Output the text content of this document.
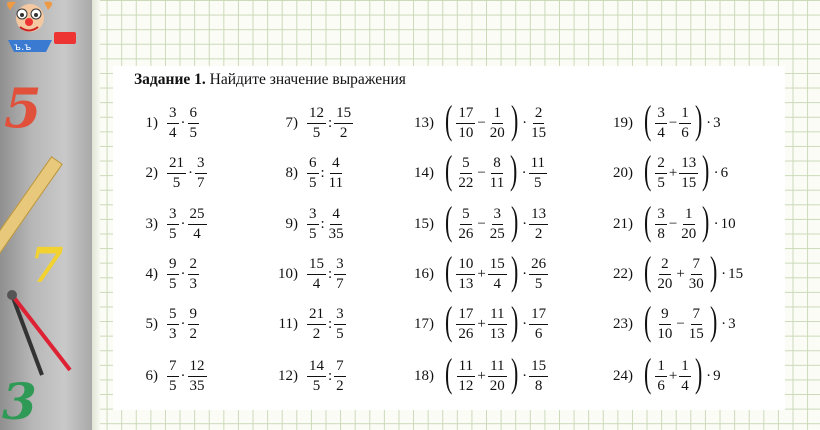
ъ.ъ
5
7
3
Задание 1. Найдите значение выражения
$1) \frac{3}{4} \cdot \frac{6}{5}$
$2) \frac{21}{5} \cdot \frac{3}{7}$
$3) \frac{3}{5} \cdot \frac{25}{4}$
$4) \frac{9}{5} \cdot \frac{2}{3}$
$5) \frac{5}{3} \cdot \frac{9}{2}$
$6) \frac{7}{5} \cdot \frac{12}{35}$
$7) \frac{12}{5}$ : $\frac{15}{2}$
$8) \frac{6}{5}$ : $\frac{4}{11}$
$9) \frac{3}{5}$ : $\frac{4}{35}$
$10) \frac{15}{4}$ : $\frac{3}{7}$
$11) \frac{21}{2}$ : $\frac{3}{5}$
$12) \frac{14}{5}$ : $\frac{7}{2}$
13) ( $\frac{17}{10} - \frac{1}{20}$ ) · $\frac{2}{15}$
14) ( $\frac{5}{22} - \frac{8}{11}$ ) · $\frac{11}{5}$
15) ( $\frac{5}{26} - \frac{3}{25}$ ) · $\frac{13}{2}$
16) ( $\frac{10}{13} + \frac{15}{4}$ ) · $\frac{26}{5}$
17) ( $\frac{17}{26} + \frac{11}{13}$ ) · $\frac{17}{6}$
18) ( $\frac{11}{12} + \frac{11}{20}$ ) · $\frac{15}{8}$
19) ( $\frac{3}{4} - \frac{1}{6}$ ) · 3
20) ( $\frac{2}{5} + \frac{13}{15}$ ) · 6
21) ( $\frac{3}{8} - \frac{1}{20}$ ) · 10
22) ( $\frac{2}{20} + \frac{7}{30}$ ) · 15
23) ( $\frac{9}{10} - \frac{7}{15}$ ) · 3
24) ( $\frac{1}{6} + \frac{1}{4}$ ) · 9
